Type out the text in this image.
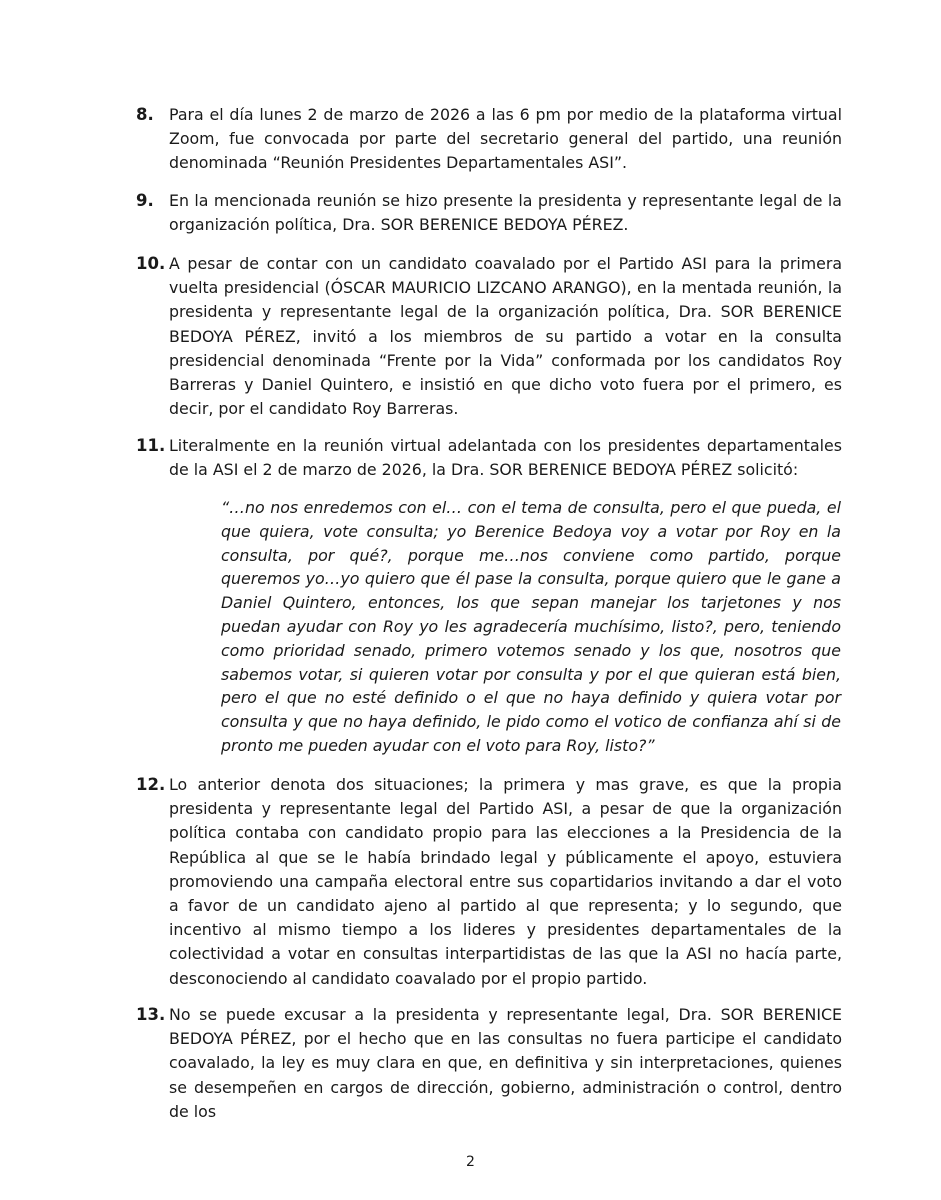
8. Para el día lunes 2 de marzo de 2026 a las 6 pm por medio de la plataforma virtual Zoom, fue convocada por parte del secretario general del partido, una reunión denominada “Reunión Presidentes Departamentales ASI”.
9. En la mencionada reunión se hizo presente la presidenta y representante legal de la organización política, Dra. SOR BERENICE BEDOYA PÉREZ.
10. A pesar de contar con un candidato coavalado por el Partido ASI para la primera vuelta presidencial (ÓSCAR MAURICIO LIZCANO ARANGO), en la mentada reunión, la presidenta y representante legal de la organización política, Dra. SOR BERENICE BEDOYA PÉREZ, invitó a los miembros de su partido a votar en la consulta presidencial denominada “Frente por la Vida” conformada por los candidatos Roy Barreras y Daniel Quintero, e insistió en que dicho voto fuera por el primero, es decir, por el candidato Roy Barreras.
11. Literalmente en la reunión virtual adelantada con los presidentes departamentales de la ASI el 2 de marzo de 2026, la Dra. SOR BERENICE BEDOYA PÉREZ solicitó:
“…no nos enredemos con el… con el tema de consulta, pero el que pueda, el que quiera, vote consulta; yo Berenice Bedoya voy a votar por Roy en la consulta, por qué?, porque me…nos conviene como partido, porque queremos yo…yo quiero que él pase la consulta, porque quiero que le gane a Daniel Quintero, entonces, los que sepan manejar los tarjetones y nos puedan ayudar con Roy yo les agradecería muchísimo, listo?, pero, teniendo como prioridad senado, primero votemos senado y los que, nosotros que sabemos votar, si quieren votar por consulta y por el que quieran está bien, pero el que no esté definido o el que no haya definido y quiera votar por consulta y que no haya definido, le pido como el votico de confianza ahí si de pronto me pueden ayudar con el voto para Roy, listo?”
12. Lo anterior denota dos situaciones; la primera y mas grave, es que la propia presidenta y representante legal del Partido ASI, a pesar de que la organización política contaba con candidato propio para las elecciones a la Presidencia de la República al que se le había brindado legal y públicamente el apoyo, estuviera promoviendo una campaña electoral entre sus copartidarios invitando a dar el voto a favor de un candidato ajeno al partido al que representa; y lo segundo, que incentivo al mismo tiempo a los lideres y presidentes departamentales de la colectividad a votar en consultas interpartidistas de las que la ASI no hacía parte, desconociendo al candidato coavalado por el propio partido.
13. No se puede excusar a la presidenta y representante legal, Dra. SOR BERENICE BEDOYA PÉREZ, por el hecho que en las consultas no fuera participe el candidato coavalado, la ley es muy clara en que, en definitiva y sin interpretaciones, quienes se desempeñen en cargos de dirección, gobierno, administración o control, dentro de los
2
